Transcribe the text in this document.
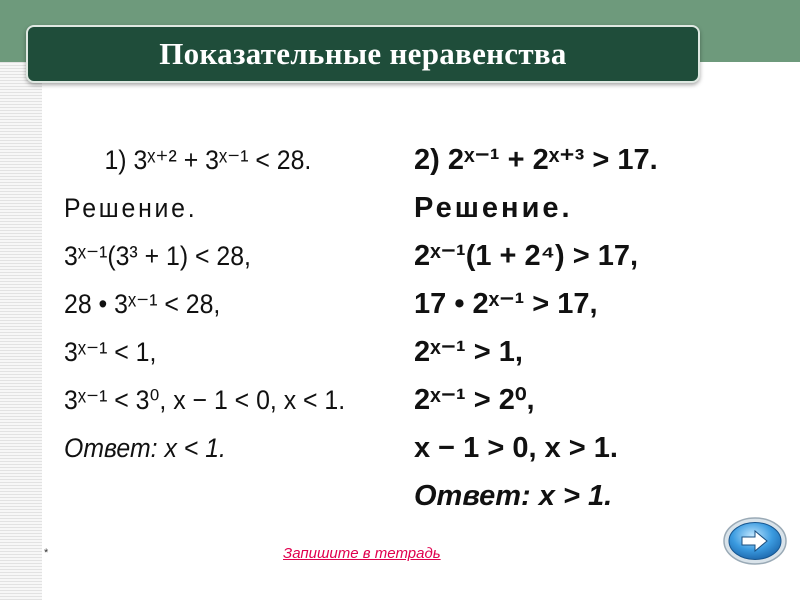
Показательные неравенства
1) 3ˣ⁺² + 3ˣ⁻¹ < 28.
Решение.
3ˣ⁻¹(3³ + 1) < 28,
28 • 3ˣ⁻¹ < 28,
3ˣ⁻¹ < 1,
3ˣ⁻¹ < 3⁰, x − 1 < 0, x < 1.
Ответ: x < 1.
2) 2ˣ⁻¹ + 2ˣ⁺³ > 17.
Решение.
2ˣ⁻¹(1 + 2⁴) > 17,
17 • 2ˣ⁻¹ > 17,
2ˣ⁻¹ > 1,
2ˣ⁻¹ > 2⁰,
x − 1 > 0, x > 1.
Ответ: x > 1.
*	Запишите в тетрадь
